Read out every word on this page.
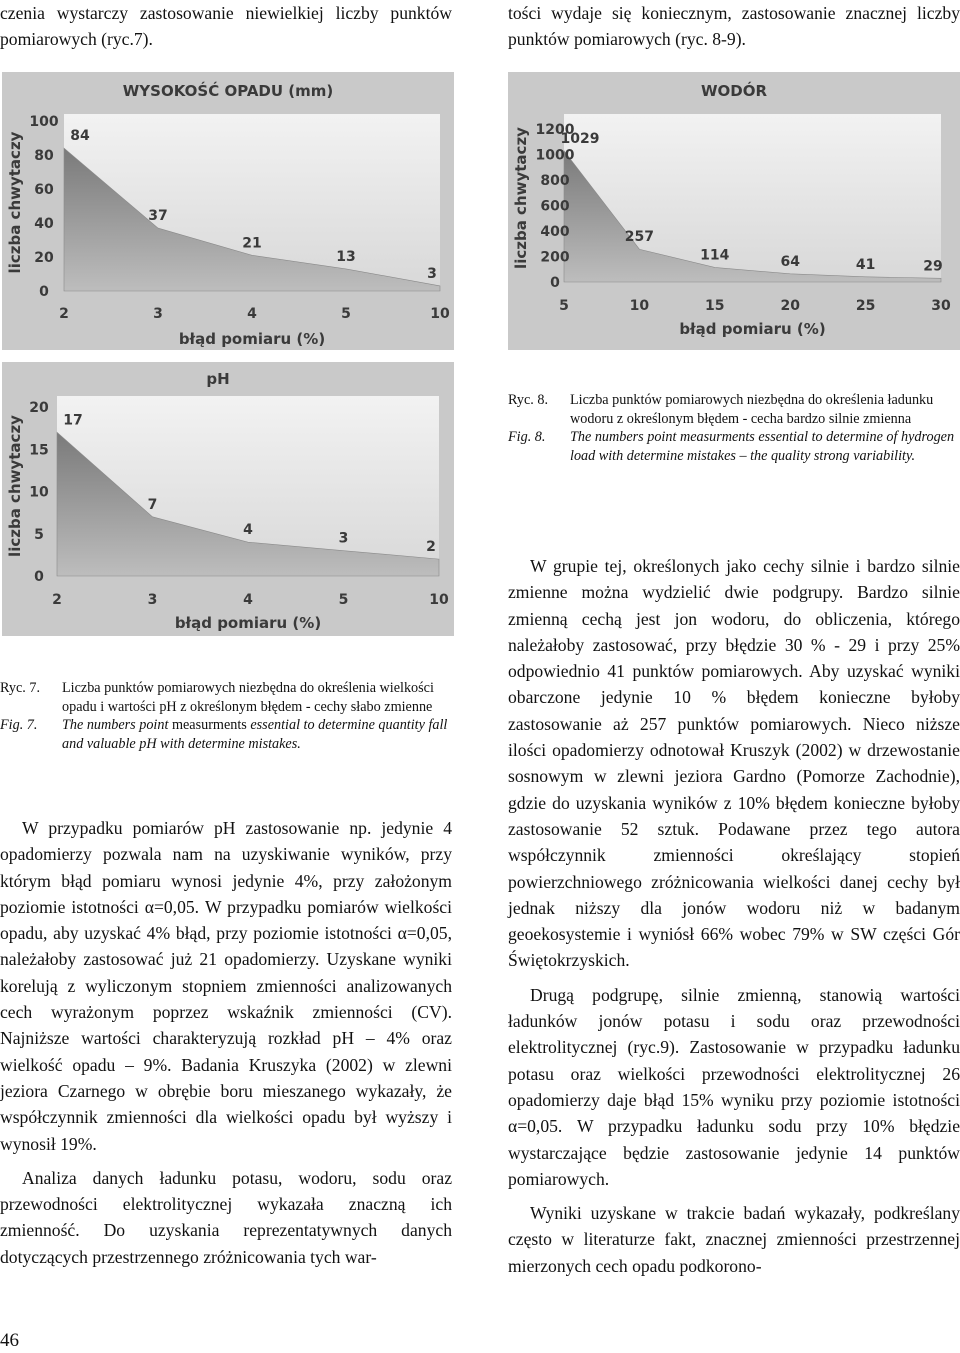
czenia wystarczy zastosowanie niewielkiej liczby punktów pomiarowych (ryc.7).

tości wydaje się koniecznym, zastosowanie znacznej liczby punktów pomiarowych (ryc. 8-9).

WYSOKOŚĆ OPADU (mm)
liczba chwytaczy
100
80
60
40
20
0
2	3	4	5	10
błąd pomiaru (%)
84
37
21
13
3
WODÓR
liczba chwytaczy 1200
1000
800
600
400
200
0
5	10	15	20	25	30
błąd pomiaru (%)
1029
257
114	64	41	29
pH
liczba chwytaczy
20
15
10
5
0
2	3	4	5	10
błąd pomiaru (%)
17
7
4
3
2
Ryc. 8.	Liczba punktów pomiarowych niezbędna do określenia ładunku wodoru z określonym błędem - cecha bardzo silnie zmienna
Fig. 8.	The numbers point measurments essential to determine of hydrogen load with determine mistakes – the quality strong variability.
Ryc. 7.	Liczba punktów pomiarowych niezbędna do określenia wielkości opadu i wartości pH z określonym błędem - cechy słabo zmienne
Fig. 7.	The numbers point measurments essential to determine quantity fall and valuable pH with determine mistakes.

W przypadku pomiarów pH zastosowanie np. jedynie 4 opadomierzy pozwala nam na uzyskiwanie wyników, przy którym błąd pomiaru wynosi jedynie 4%, przy założonym poziomie istotności α=0,05. W przypadku pomiarów wielkości opadu, aby uzyskać 4% błąd, przy poziomie istotności α=0,05, należałoby zastosować już 21 opadomierzy. Uzyskane wyniki korelują z wyliczonym stopniem zmienności analizowanych cech wyrażonym poprzez wskaźnik zmienności (CV). Najniższe wartości charakteryzują rozkład pH – 4% oraz wielkość opadu – 9%. Badania Kruszyka (2002) w zlewni jeziora Czarnego w obrębie boru mieszanego wykazały, że współczynnik zmienności dla wielkości opadu był wyższy i wynosił 19%.

Analiza danych ładunku potasu, wodoru, sodu oraz przewodności elektrolitycznej wykazała znaczną ich zmienność. Do uzyskania reprezentatywnych danych dotyczących przestrzennego zróżnicowania tych war-

W grupie tej, określonych jako cechy silnie i bardzo silnie zmienne można wydzielić dwie podgrupy. Bardzo silnie zmienną cechą jest jon wodoru, do obliczenia, którego należałoby zastosować, przy błędzie 30 % - 29 i przy 25% odpowiednio 41 punktów pomiarowych. Aby uzyskać wyniki obarczone jedynie 10 % błędem konieczne byłoby zastosowanie aż 257 punktów pomiarowych. Nieco niższe ilości opadomierzy odnotował Kruszyk (2002) w drzewostanie sosnowym w zlewni jeziora Gardno (Pomorze Zachodnie), gdzie do uzyskania wyników z 10% błędem konieczne byłoby zastosowanie 52 sztuk. Podawane przez tego autora współczynnik zmienności określający stopień powierzchniowego zróżnicowania wielkości danej cechy był jednak niższy dla jonów wodoru niż w badanym geoekosystemie i wyniósł 66% wobec 79% w SW części Gór Świętokrzyskich.

Drugą podgrupę, silnie zmienną, stanowią wartości ładunków jonów potasu i sodu oraz przewodności elektrolitycznej (ryc.9). Zastosowanie w przypadku ładunku potasu oraz wielkości przewodności elektrolitycznej 26 opadomierzy daje błąd 15% wyniku przy poziomie istotności α=0,05. W przypadku ładunku sodu przy 10% błędzie wystarczające będzie zastosowanie jedynie 14 punktów pomiarowych.

Wyniki uzyskane w trakcie badań wykazały, podkreślany często w literaturze fakt, znacznej zmienności przestrzennej mierzonych cech opadu podkorono-

46
